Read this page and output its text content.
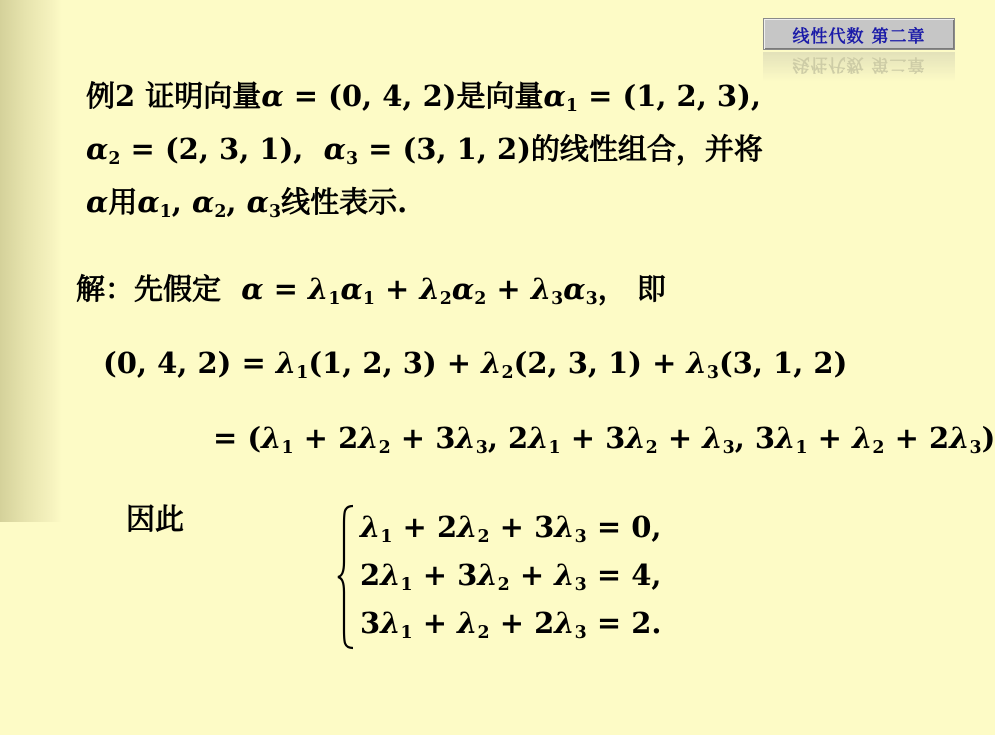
线性代数 第二章
线性代数 第二章
例2 证明向量α = (0, 4, 2)是向量$\alpha_1 = (1$, 2, 3),
$\alpha_2 = (2$, 3, 1), $\alpha_3 = (3$, 1, 2)的线性组合，并将
α用$\alpha_1$, $\alpha_2$, $\alpha_3$线性表示.
解：先假定 $\alpha = \lambda_1\alpha_1 + \lambda_2\alpha_2 + \lambda_3\alpha_3$， 即
(0, 4, $2) = \lambda_1(1$, 2, $3) + \lambda_2(2$, 3, $1) + \lambda_3(3$, 1, 2)
= ($\lambda_1 + 2\lambda_2 + 3\lambda_3$, $2\lambda_1 + 3\lambda_2 + \lambda_3$, $3\lambda_1 + \lambda_2 + 2\lambda_3$)
因此	$\lambda_1 + 2\lambda_2 + 3\lambda_3 = 0$,
$2\lambda_1 + 3\lambda_2 + \lambda_3 = 4$,
$3\lambda_1 + \lambda_2 + 2\lambda_3 = 2$.
